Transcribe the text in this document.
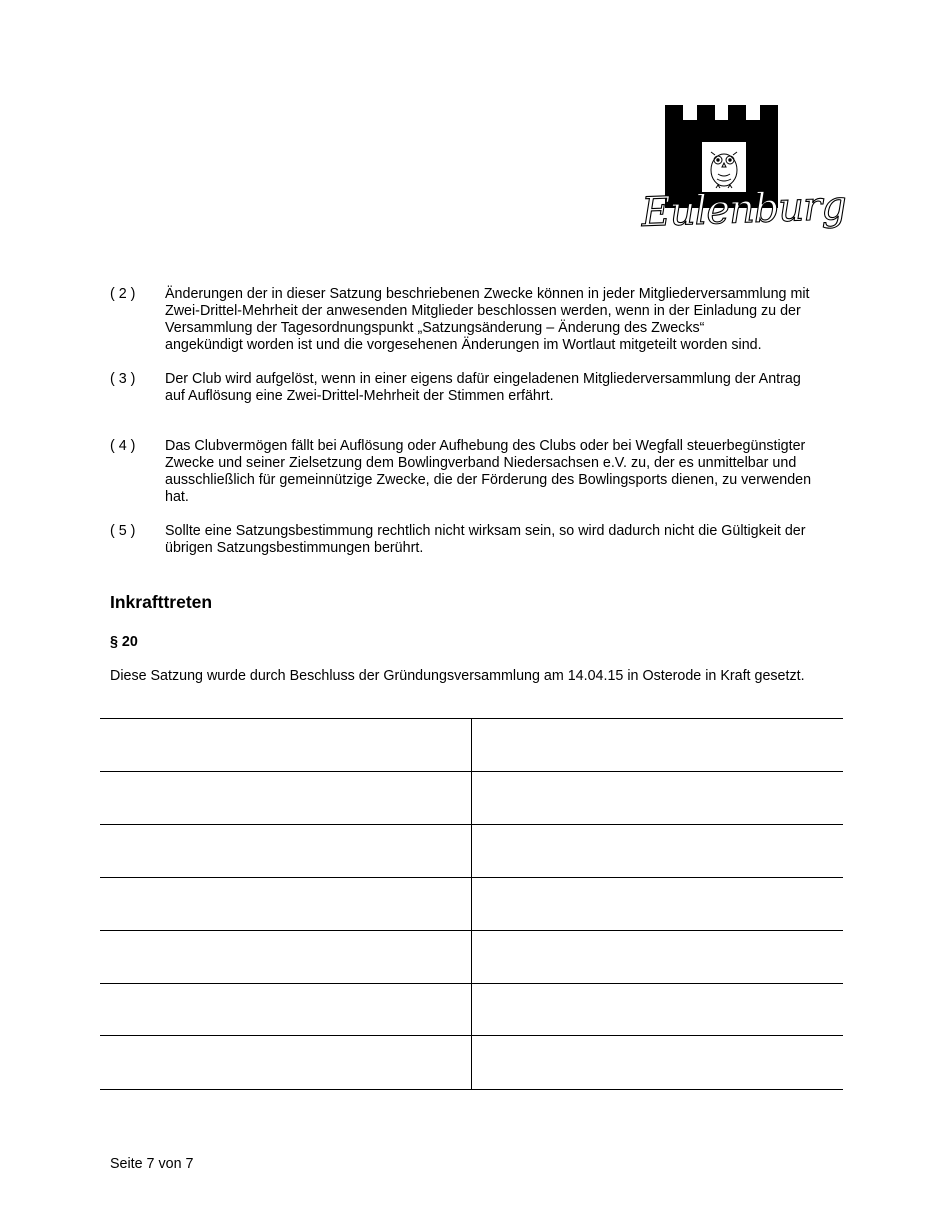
Eulenburg
( 2 )	Änderungen der in dieser Satzung beschriebenen Zwecke können in jeder Mitgliederversammlung mit
Zwei-Drittel-Mehrheit der anwesenden Mitglieder beschlossen werden, wenn in der Einladung zu der
Versammlung der Tagesordnungspunkt „Satzungsänderung – Änderung des Zwecks“
angekündigt worden ist und die vorgesehenen Änderungen im Wortlaut mitgeteilt worden sind.
( 3 )	Der Club wird aufgelöst, wenn in einer eigens dafür eingeladenen Mitgliederversammlung der Antrag
auf Auflösung eine Zwei-Drittel-Mehrheit der Stimmen erfährt.
( 4 )	Das Clubvermögen fällt bei Auflösung oder Aufhebung des Clubs oder bei Wegfall steuerbegünstigter
Zwecke und seiner Zielsetzung dem Bowlingverband Niedersachsen e.V. zu, der es unmittelbar und
ausschließlich für gemeinnützige Zwecke, die der Förderung des Bowlingsports dienen, zu verwenden
hat.
( 5 )	Sollte eine Satzungsbestimmung rechtlich nicht wirksam sein, so wird dadurch nicht die Gültigkeit der
übrigen Satzungsbestimmungen berührt.
Inkrafttreten
§ 20
Diese Satzung wurde durch Beschluss der Gründungsversammlung am 14.04.15 in Osterode in Kraft gesetzt.
Seite 7 von 7
